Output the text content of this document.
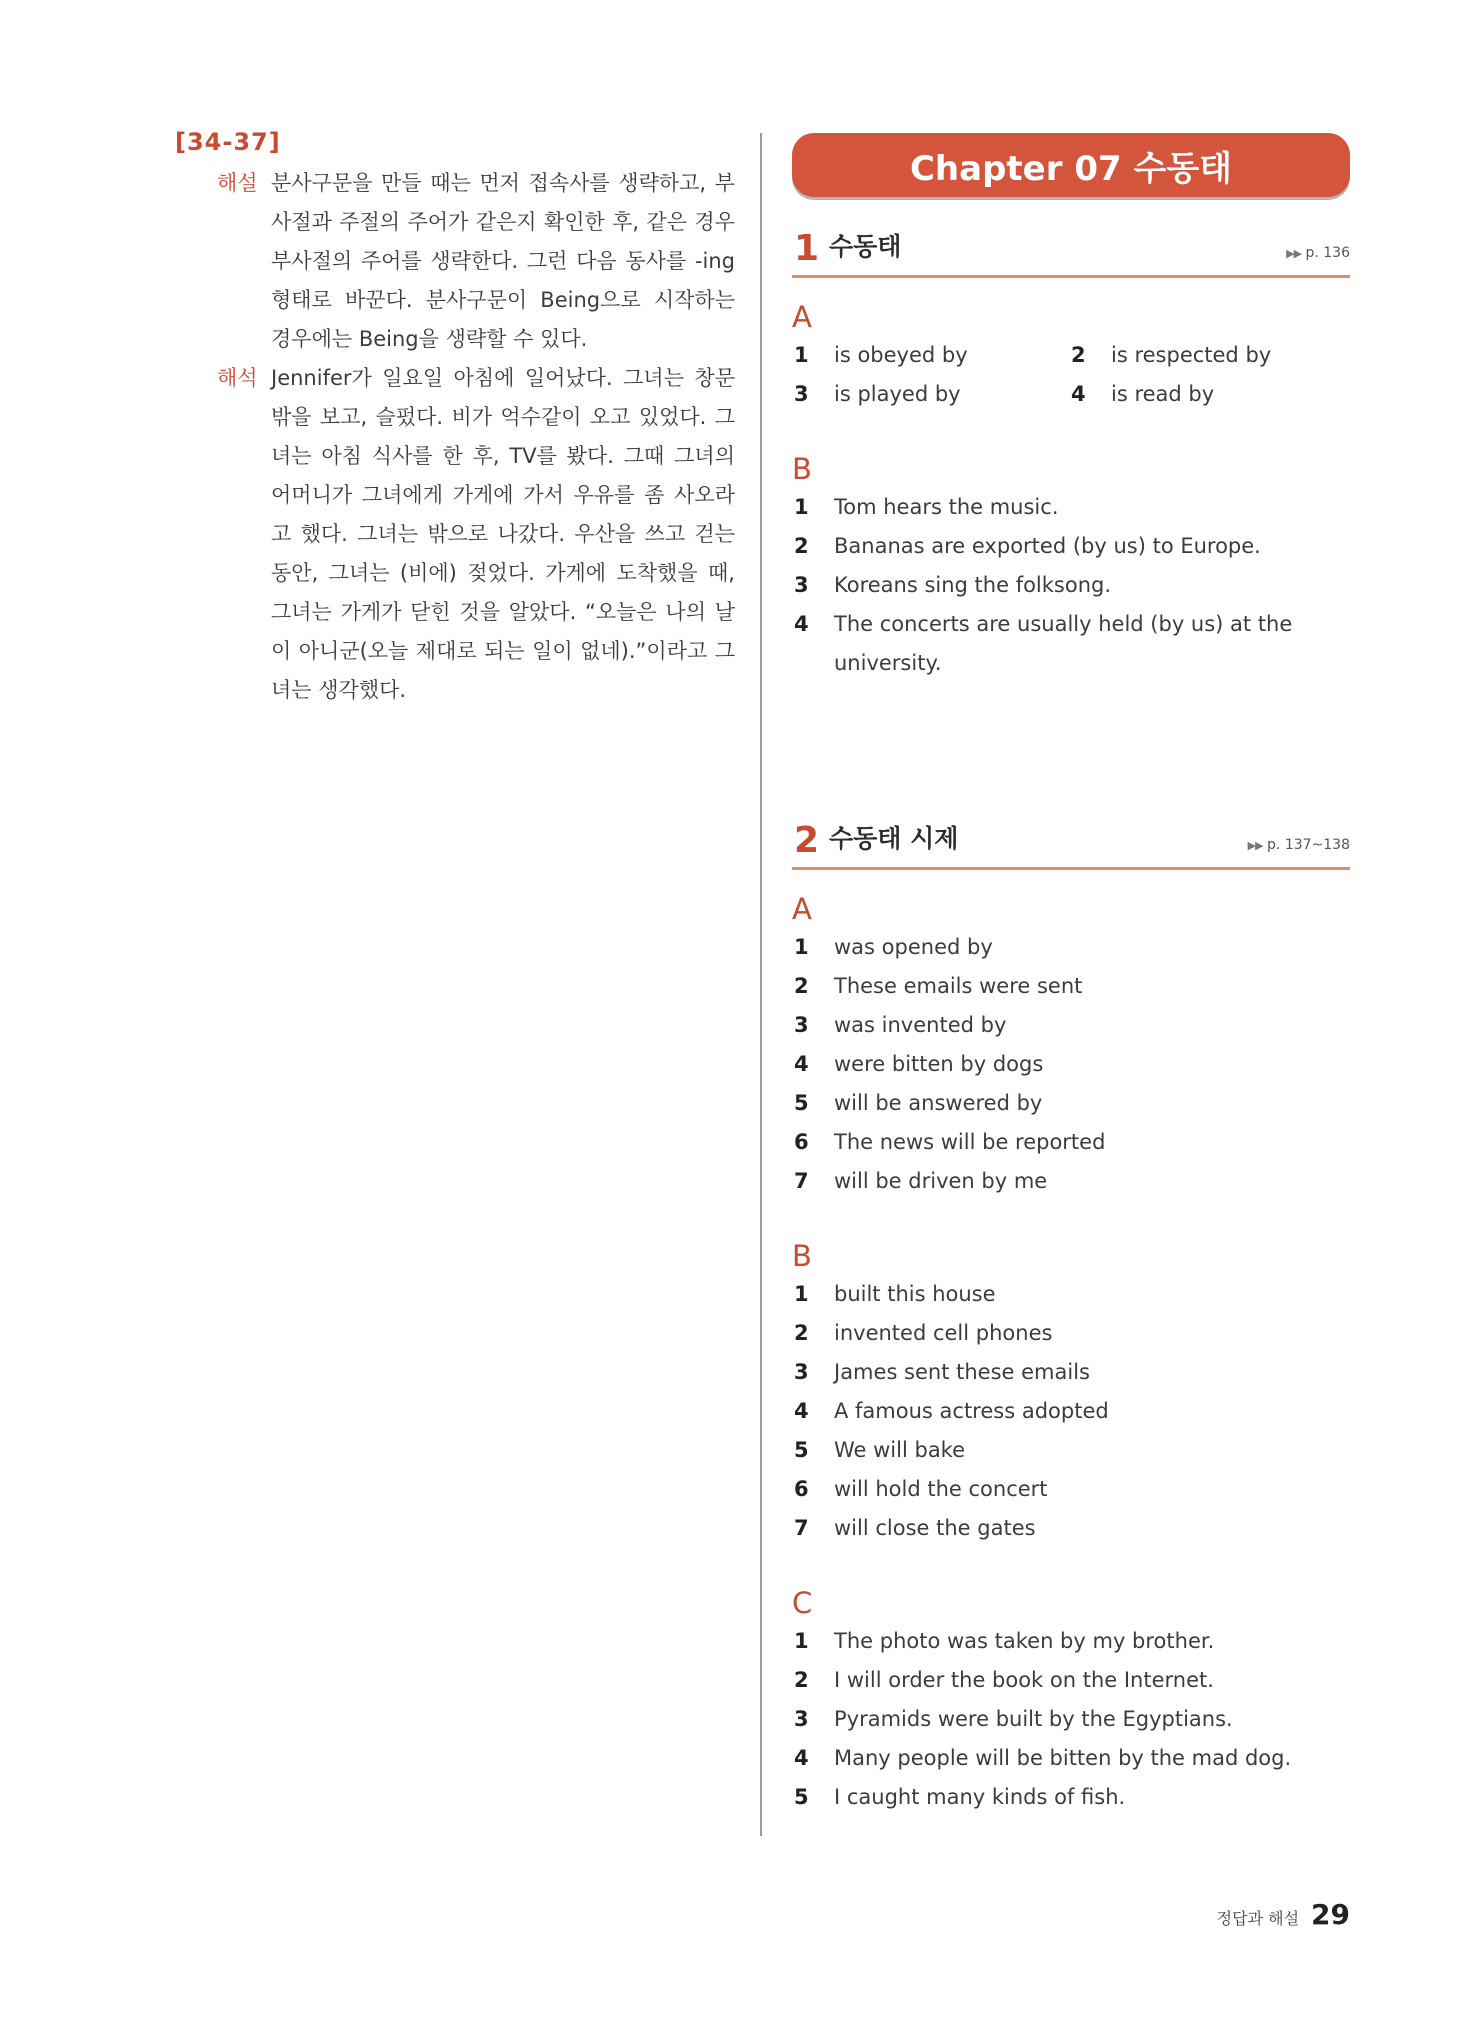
[34-37]
해설 분사구문을 만들 때는 먼저 접속사를 생략하고, 부사절과 주절의 주어가 같은지 확인한 후, 같은 경우 부사절의 주어를 생략한다. 그런 다음 동사를 -ing 형태로 바꾼다. 분사구문이 Being으로 시작하는 경우에는 Being을 생략할 수 있다.
해석 Jennifer가 일요일 아침에 일어났다. 그녀는 창문 밖을 보고, 슬펐다. 비가 억수같이 오고 있었다. 그녀는 아침 식사를 한 후, TV를 봤다. 그때 그녀의 어머니가 그녀에게 가게에 가서 우유를 좀 사오라고 했다. 그녀는 밖으로 나갔다. 우산을 쓰고 걷는 동안, 그녀는 (비에) 젖었다. 가게에 도착했을 때, 그녀는 가게가 닫힌 것을 알았다. “오늘은 나의 날이 아니군(오늘 제대로 되는 일이 없네).”이라고 그녀는 생각했다.
Chapter 07 수동태
1 수동태	▶▶ p. 136
A
1 is obeyed by	2 is respected by
3 is played by	4 is read by
B
1 Tom hears the music.
2 Bananas are exported (by us) to Europe.
3 Koreans sing the folksong.
4 The concerts are usually held (by us) at the university.
2 수동태 시제	▶▶ p. 137~138
A
1 was opened by
2 These emails were sent
3 was invented by
4 were bitten by dogs
5 will be answered by
6 The news will be reported
7 will be driven by me
B
1 built this house
2 invented cell phones
3 James sent these emails
4 A famous actress adopted
5 We will bake
6 will hold the concert
7 will close the gates
C
1 The photo was taken by my brother.
2 I will order the book on the Internet.
3 Pyramids were built by the Egyptians.
4 Many people will be bitten by the mad dog.
5 I caught many kinds of fish.
정답과 해설 29
